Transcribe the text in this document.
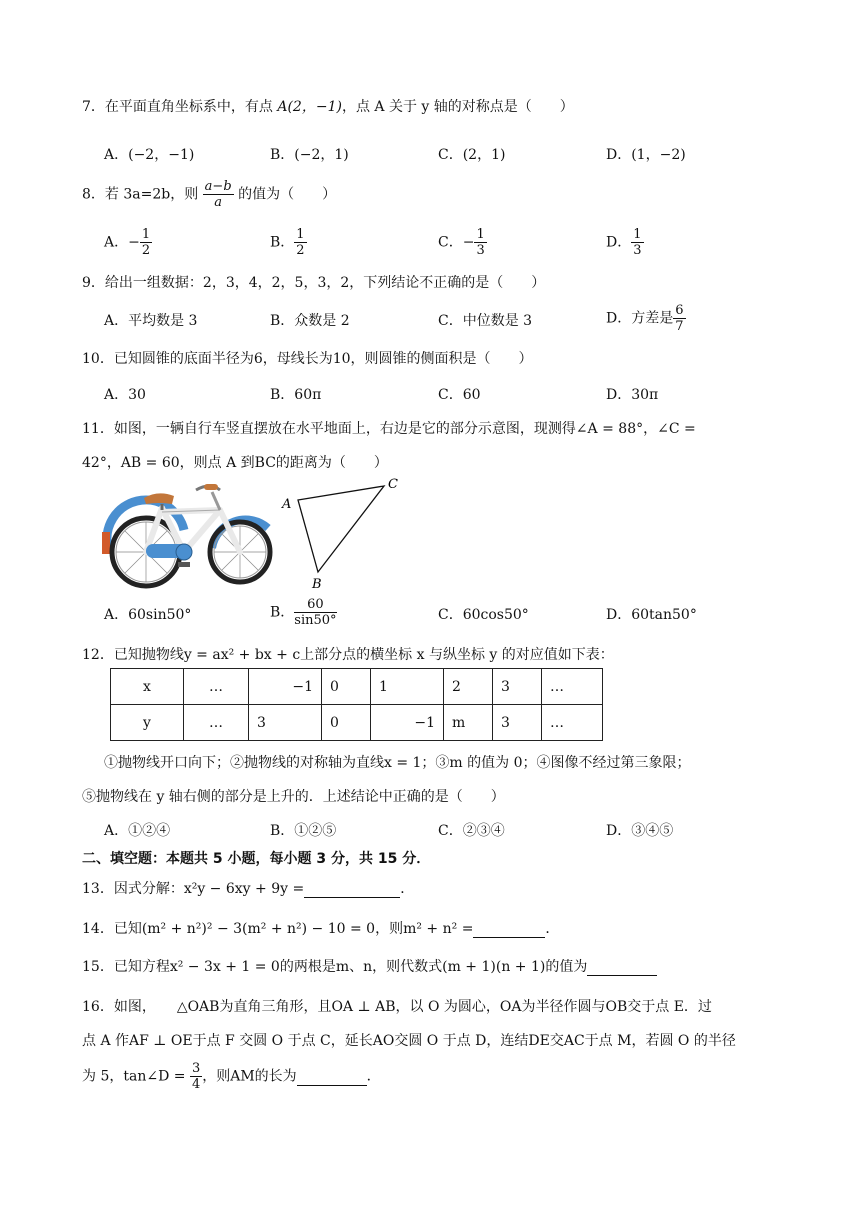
7．在平面直角坐标系中，有点 A(2，−1)，点 A 关于 y 轴的对称点是（　　）
A．(−2，−1)	B．(−2，1)	C．(2，1)	D．(1，−2)
8．若 3a=2b，则 $\frac{a-b}{a}$ 的值为（　　）
A．− $\frac{1}{2}$	B． $\frac{1}{2}$	C．− $\frac{1}{3}$	D． $\frac{1}{3}$
9．给出一组数据：2，3，4，2，5，3，2，下列结论不正确的是（　　）
A．平均数是 3	B．众数是 2	C．中位数是 3	D．方差是 $\frac{6}{7}$
10．已知圆锥的底面半径为6，母线长为10，则圆锥的侧面积是（　　）
A．30	B．60π	C．60	D．30π
11．如图，一辆自行车竖直摆放在水平地面上，右边是它的部分示意图，现测得∠A = 88°，∠C =
42°，AB = 60，则点 A 到BC的距离为（　　）
A
C
B
A．60sin50°	B． $\frac{60}{\sin 50^\circ}$	C．60cos50°	D．60tan50°
12．已知抛物线y = ax² + bx + c上部分点的横坐标 x 与纵坐标 y 的对应值如下表：
x	…	−1	0	1	2	3	…
y	…	3	0	−1	m	3	…
①抛物线开口向下；②抛物线的对称轴为直线x = 1；③m 的值为 0；④图像不经过第三象限；
⑤抛物线在 y 轴右侧的部分是上升的．上述结论中正确的是（　　）
A．①②④	B．①②⑤	C．②③④	D．③④⑤
二、填空题：本题共 5 小题，每小题 3 分，共 15 分．
13．因式分解：x²y − 6xy + 9y =	．
14．已知(m² + n²)² − 3(m² + n²) − 10 = 0，则m² + n² =	．
15．已知方程x² − 3x + 1 = 0的两根是m、n，则代数式(m + 1)(n + 1)的值为
16．如图，　　△OAB为直角三角形，且OA ⊥ AB，以 O 为圆心，OA为半径作圆与OB交于点 E．过
点 A 作AF ⊥ OE于点 F 交圆 O 于点 C，延长AO交圆 O 于点 D，连结DE交AC于点 M，若圆 O 的半径
为 5，tan∠D = $\frac{3}{4}$ ，则AM的长为	．
